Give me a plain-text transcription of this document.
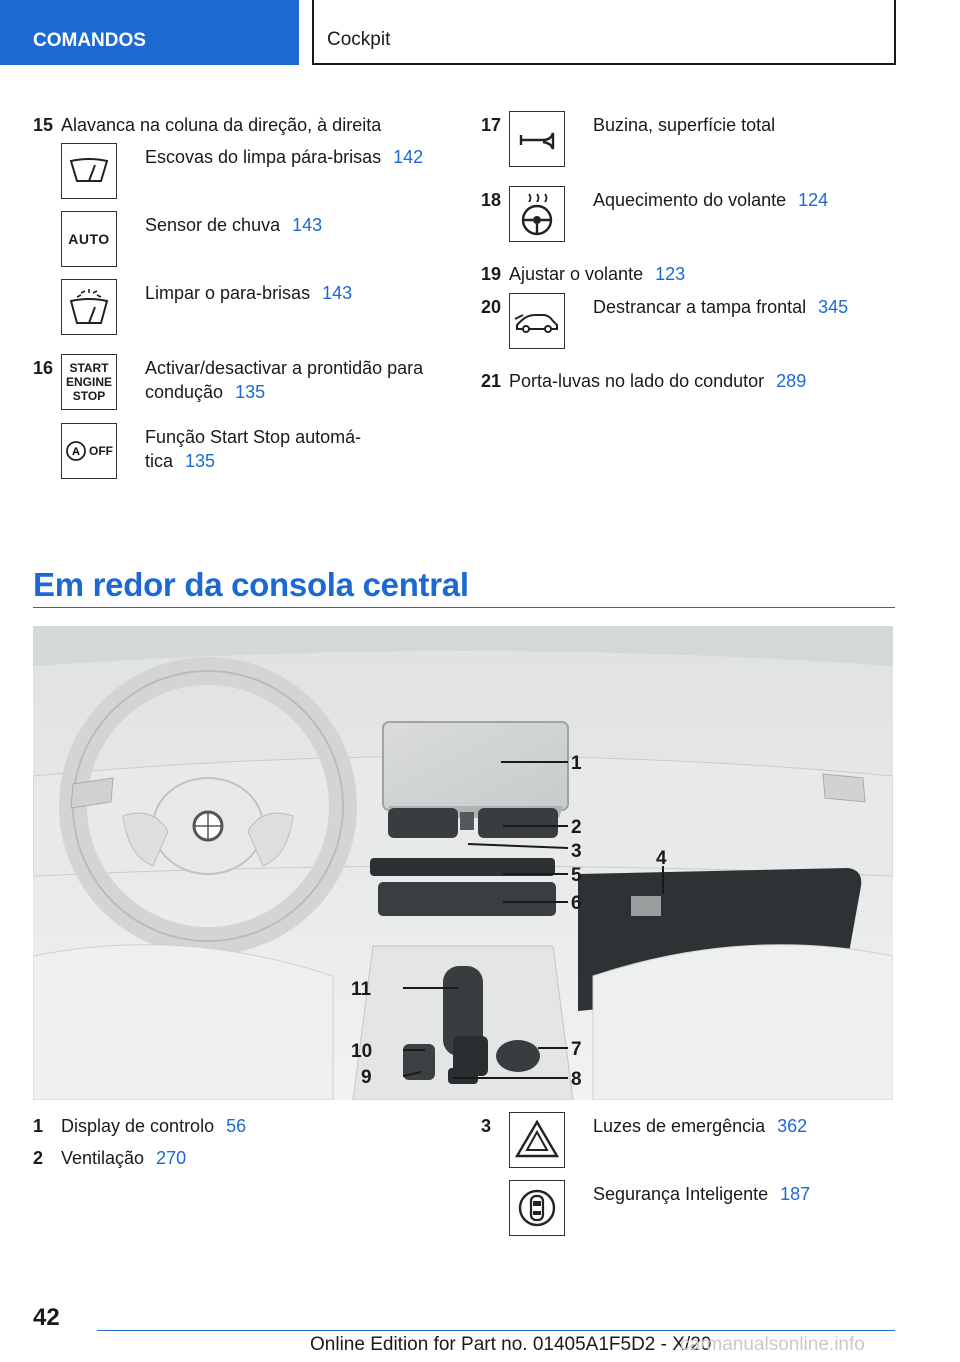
COMANDOS	Cockpit
15 Alavanca na coluna da direção, à direita
Escovas do limpa pára-brisas 142
AUTO
Sensor de chuva 143
Limpar o para-brisas 143
16 START
ENGINE
STOP
Activar/desactivar a prontidão para
condução 135
A OFF
Função Start Stop automá-
tica 135
17	Buzina, superfície total
18	Aquecimento do volante 124
19 Ajustar o volante 123
20	Destrancar a tampa frontal 345
21 Porta-luvas no lado do condutor 289
Em redor da consola central
1
2
3	4
5
6
7
8
9
10
11
1 Display de controlo 56
2 Ventilação 270
3	Luzes de emergência 362
Segurança Inteligente 187
42
Online Edition for Part no. 01405A1F5D2 - X/20
carmanualsonline.info
